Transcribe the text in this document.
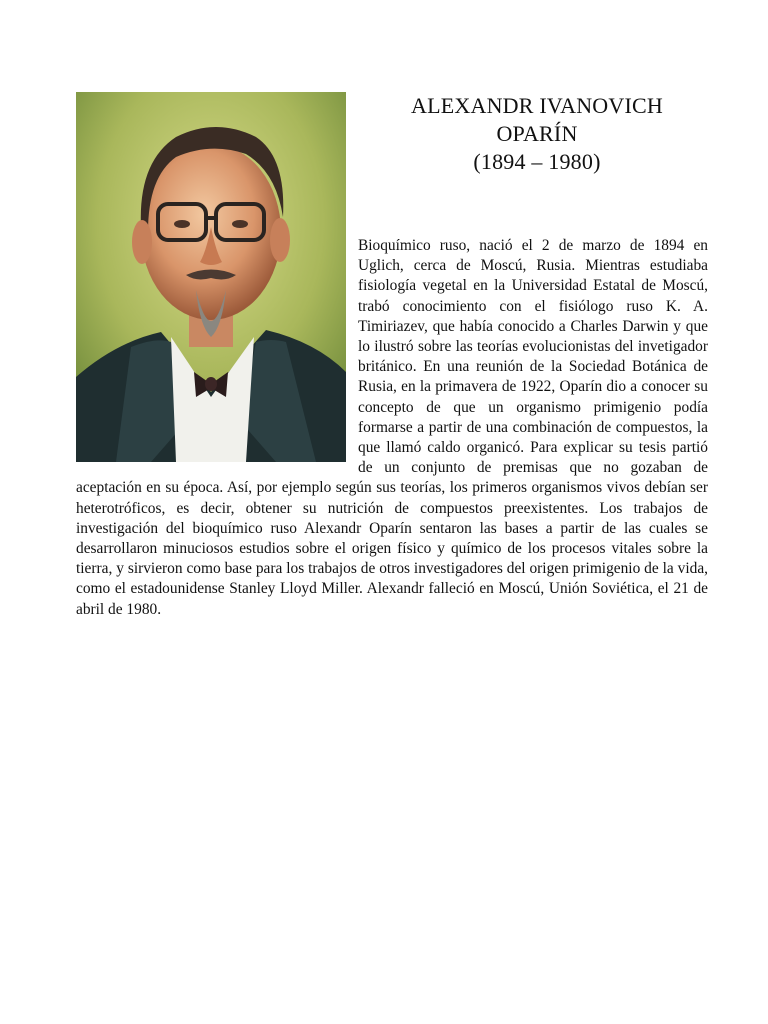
ALEXANDR IVANOVICH
OPARÍN
(1894 – 1980)

Bioquímico ruso, nació el 2 de marzo de 1894 en Uglich, cerca de Moscú, Rusia. Mientras estudiaba fisiología vegetal en la Universidad Estatal de Moscú, trabó conocimiento con el fisiólogo ruso K. A. Timiriazev, que había conocido a Charles Darwin y que lo ilustró sobre las teorías evolucionistas del invetigador británico. En una reunión de la Sociedad Botánica de Rusia, en la primavera de 1922, Oparín dio a conocer su concepto de que un organismo primigenio podía formarse a partir de una combinación de compuestos, la que llamó caldo organicó. Para explicar su tesis partió de un conjunto de premisas que no gozaban de aceptación en su época. Así, por ejemplo según sus teorías, los primeros organismos vivos debían ser heterotróficos, es decir, obtener su nutrición de compuestos preexistentes. Los trabajos de investigación del bioquímico ruso Alexandr Oparín sentaron las bases a partir de las cuales se desarrollaron minuciosos estudios sobre el origen físico y químico de los procesos vitales sobre la tierra, y sirvieron como base para los trabajos de otros investigadores del origen primigenio de la vida, como el estadounidense Stanley Lloyd Miller. Alexandr falleció en Moscú, Unión Soviética, el 21 de abril de 1980.
